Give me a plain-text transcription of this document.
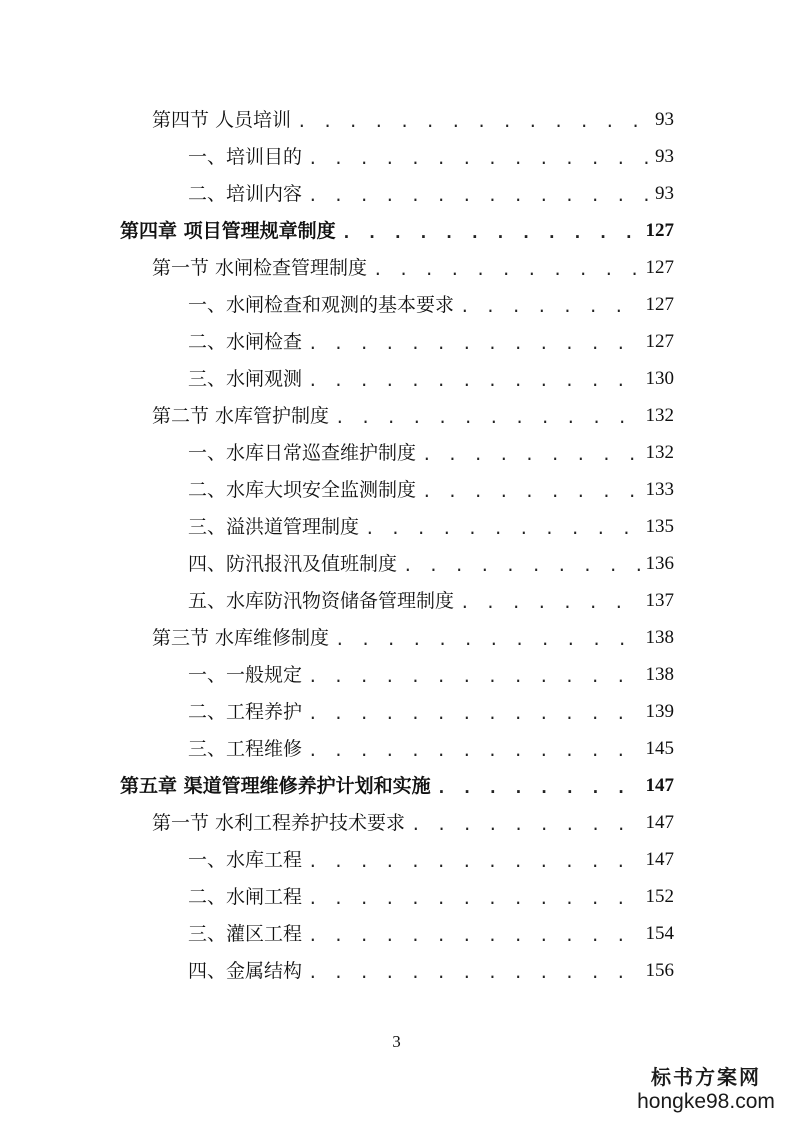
第四节 人员培训 . . .	93
一、培训目的 . . .	93
二、培训内容 . . .	93
第四章 项目管理规章制度 . . .	127
第一节 水闸检查管理制度 . . .	127
一、水闸检查和观测的基本要求 . . .	127
二、水闸检查 . . .	127
三、水闸观测 . . .	130
第二节 水库管护制度 . . .	132
一、水库日常巡查维护制度 . . .	132
二、水库大坝安全监测制度 . . .	133
三、溢洪道管理制度 . . .	135
四、防汛报汛及值班制度 . . .	136
五、水库防汛物资储备管理制度 . . .	137
第三节 水库维修制度 . . .	138
一、一般规定 . . .	138
二、工程养护 . . .	139
三、工程维修 . . .	145
第五章 渠道管理维修养护计划和实施 . . .	147
第一节 水利工程养护技术要求 . . .	147
一、水库工程 . . .	147
二、水闸工程 . . .	152
三、灌区工程 . . .	154
四、金属结构 . . .	156
3
标书方案网
hongke98.com
